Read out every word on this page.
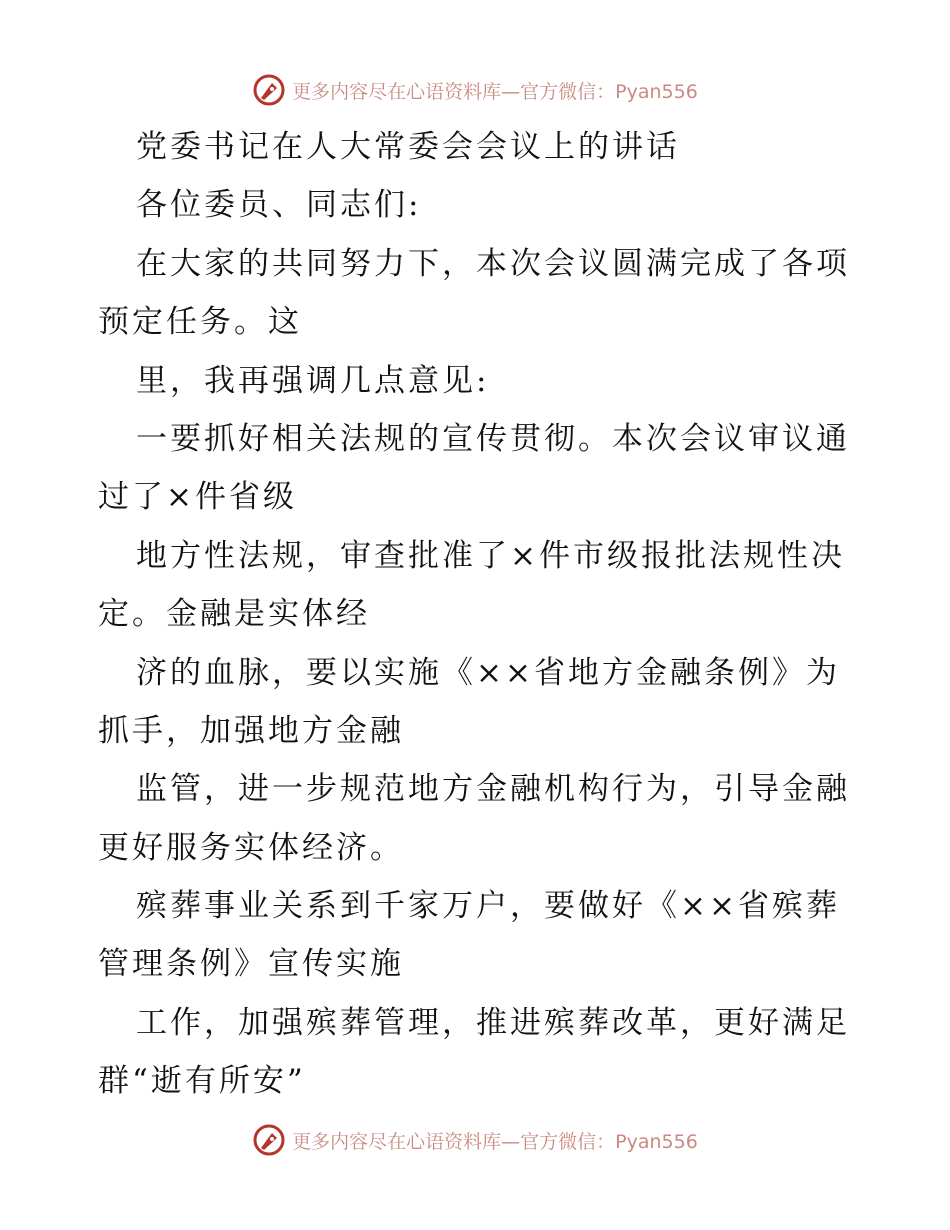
更多内容尽在心语资料库—官方微信：Pyan556
党委书记在人大常委会会议上的讲话
各位委员、同志们:
在大家的共同努力下，本次会议圆满完成了各项
预定任务。这
里，我再强调几点意见:
一要抓好相关法规的宣传贯彻。本次会议审议通
过了×件省级
地方性法规，审查批准了×件市级报批法规性决
定。金融是实体经
济的血脉，要以实施《××省地方金融条例》为
抓手，加强地方金融
监管，进一步规范地方金融机构行为，引导金融
更好服务实体经济。
殡葬事业关系到千家万户，要做好《××省殡葬
管理条例》宣传实施
工作，加强殡葬管理，推进殡葬改革，更好满足
群“逝有所安”
更多内容尽在心语资料库—官方微信：Pyan556
